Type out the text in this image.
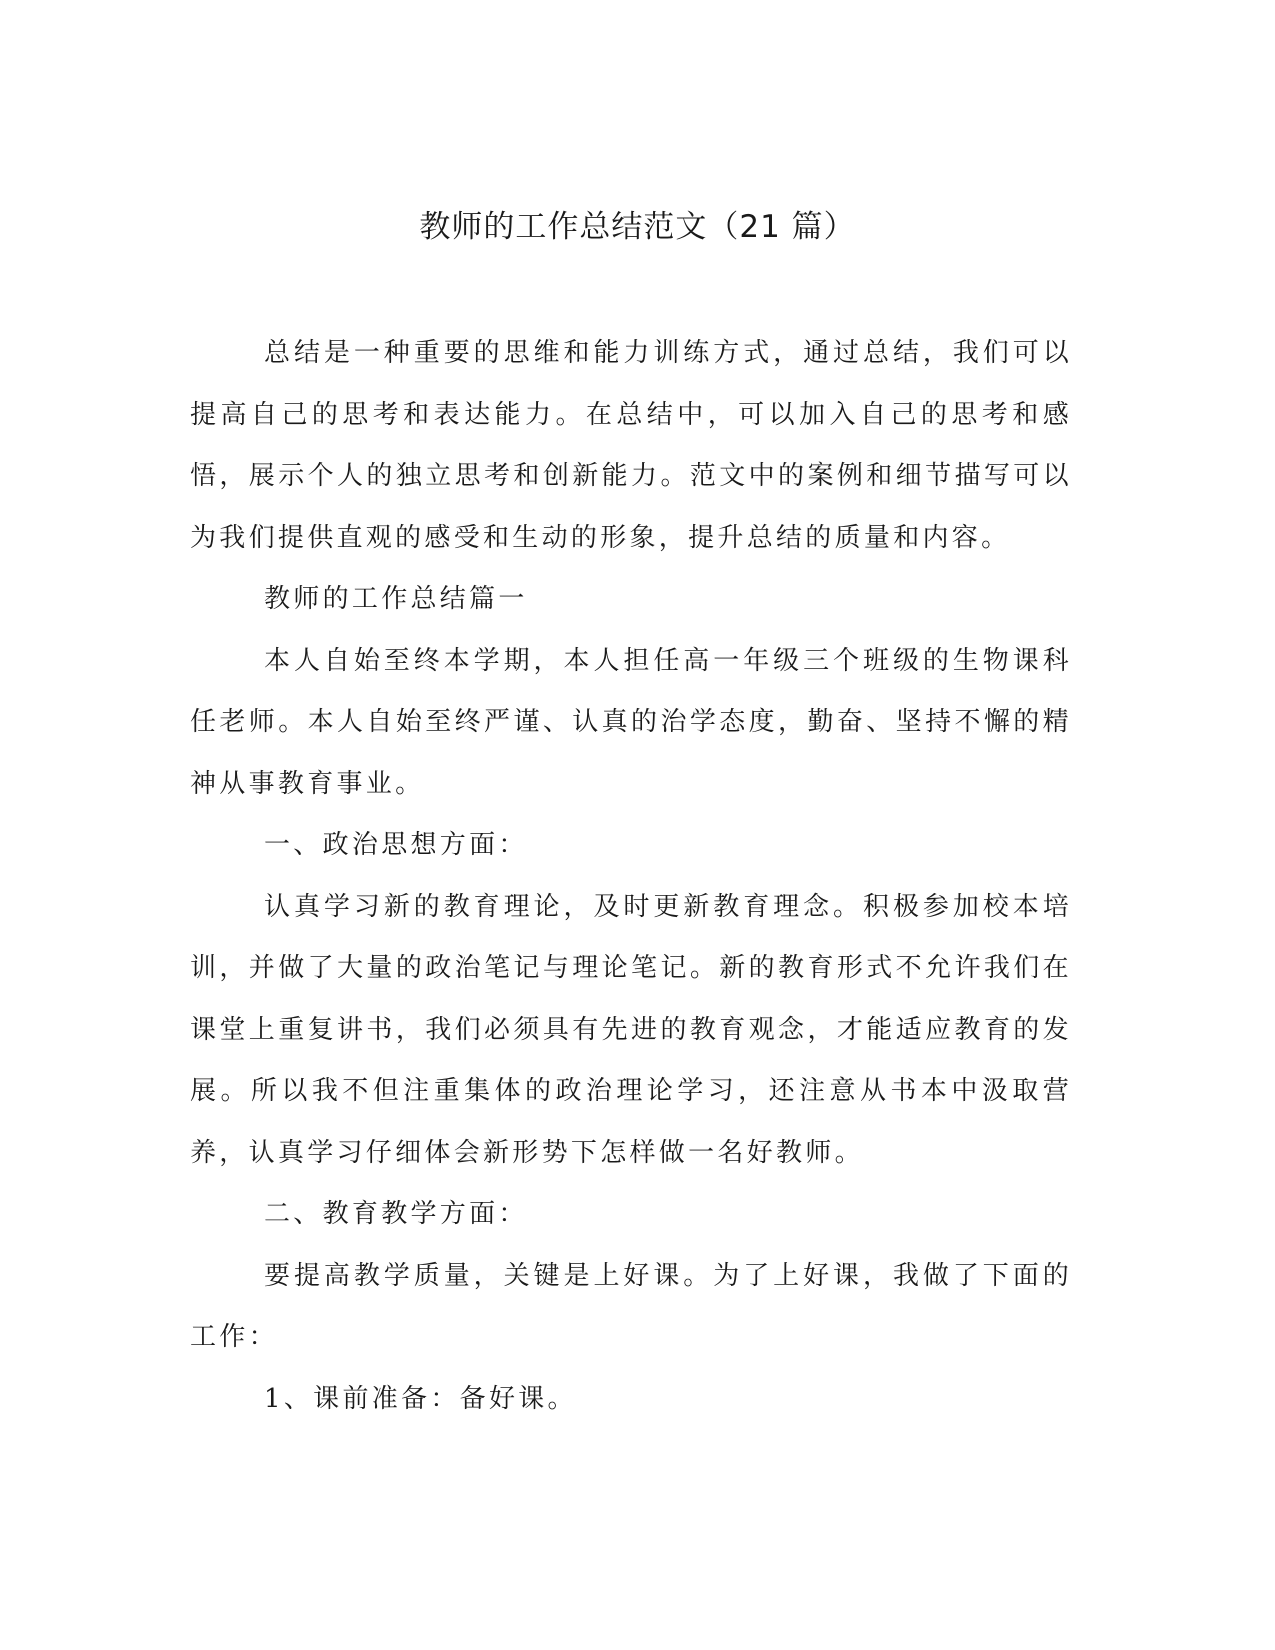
教师的工作总结范文（21 篇）

总结是一种重要的思维和能力训练方式，通过总结，我们可以提高自己的思考和表达能力。在总结中，可以加入自己的思考和感悟，展示个人的独立思考和创新能力。范文中的案例和细节描写可以为我们提供直观的感受和生动的形象，提升总结的质量和内容。

教师的工作总结篇一

本人自始至终本学期，本人担任高一年级三个班级的生物课科任老师。本人自始至终严谨、认真的治学态度，勤奋、坚持不懈的精神从事教育事业。

一、政治思想方面：

认真学习新的教育理论，及时更新教育理念。积极参加校本培训，并做了大量的政治笔记与理论笔记。新的教育形式不允许我们在课堂上重复讲书，我们必须具有先进的教育观念，才能适应教育的发展。所以我不但注重集体的政治理论学习，还注意从书本中汲取营养，认真学习仔细体会新形势下怎样做一名好教师。

二、教育教学方面：

要提高教学质量，关键是上好课。为了上好课，我做了下面的工作：

1、课前准备：备好课。
